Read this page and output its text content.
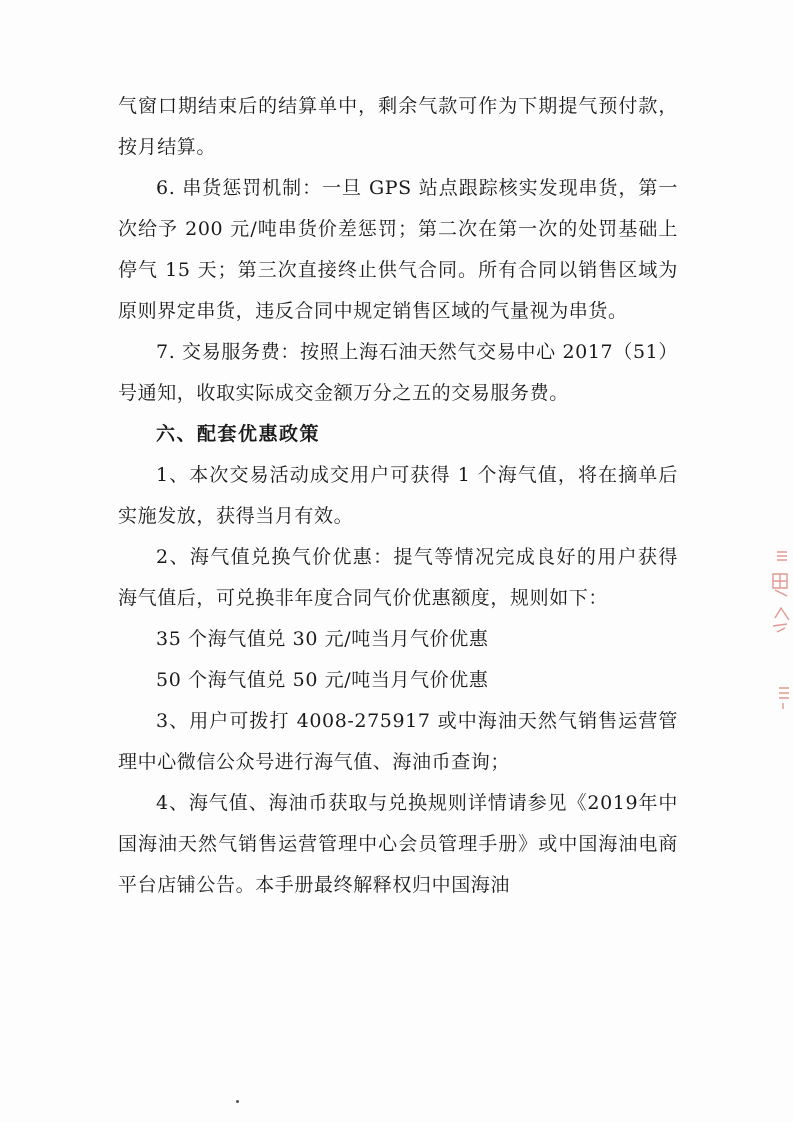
气窗口期结束后的结算单中，剩余气款可作为下期提气预付款，按月结算。

6. 串货惩罚机制：一旦 GPS 站点跟踪核实发现串货，第一次给予 200 元/吨串货价差惩罚；第二次在第一次的处罚基础上停气 15 天；第三次直接终止供气合同。所有合同以销售区域为原则界定串货，违反合同中规定销售区域的气量视为串货。

7. 交易服务费：按照上海石油天然气交易中心 2017（51）号通知，收取实际成交金额万分之五的交易服务费。

六、配套优惠政策

1、本次交易活动成交用户可获得 1 个海气值，将在摘单后实施发放，获得当月有效。

2、海气值兑换气价优惠：提气等情况完成良好的用户获得海气值后，可兑换非年度合同气价优惠额度，规则如下：

35 个海气值兑 30 元/吨当月气价优惠

50 个海气值兑 50 元/吨当月气价优惠

3、用户可拨打 4008-275917 或中海油天然气销售运营管理中心微信公众号进行海气值、海油币查询；

4、海气值、海油币获取与兑换规则详情请参见《2019年中国海油天然气销售运营管理中心会员管理手册》或中国海油电商平台店铺公告。本手册最终解释权归中国海油
